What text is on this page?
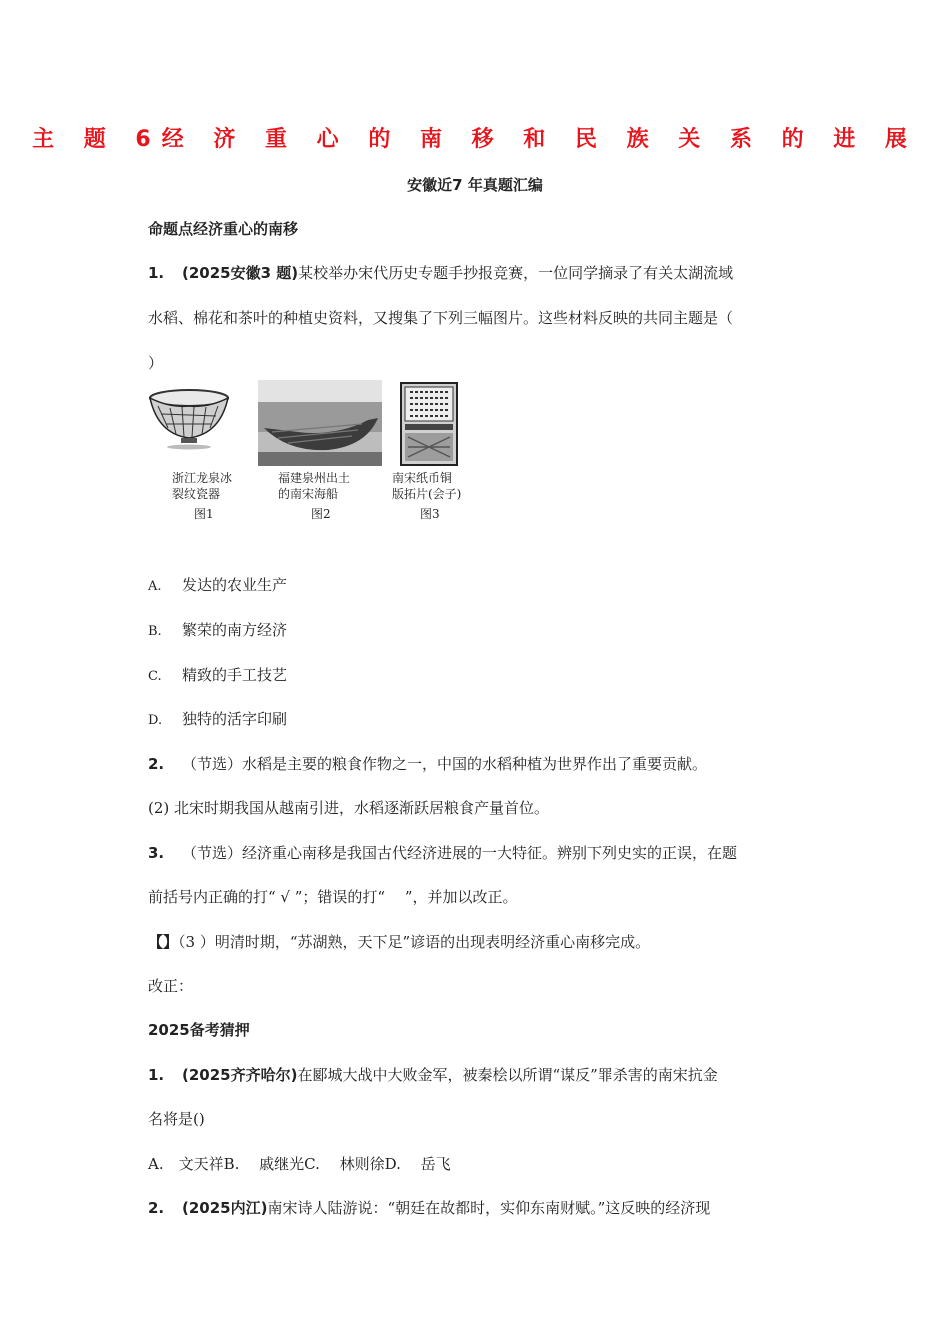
主 题 6经 济 重 心 的 南 移 和 民 族 关 系 的 进 展
安徽近7 年真题汇编
命题点经济重心的南移
1. (2025安徽3 题)某校举办宋代历史专题手抄报竞赛，一位同学摘录了有关太湖流域
水稻、棉花和茶叶的种植史资料，又搜集了下列三幅图片。这些材料反映的共同主题是（
）
浙江龙泉冰
裂纹瓷器
福建泉州出土
的南宋海船
南宋纸币铜
版拓片(会子)
图1	图2	图3
A. 发达的农业生产
B. 繁荣的南方经济
C. 精致的手工技艺
D. 独特的活字印刷
2. （节选）水稻是主要的粮食作物之一，中国的水稻种植为世界作出了重要贡献。
(2) 北宋时期我国从越南引进，水稻逐渐跃居粮食产量首位。
3. （节选）经济重心南移是我国古代经济进展的一大特征。辨别下列史实的正误，在题
前括号内正确的打“ √ ”；错误的打“　 ”，并加以改正。
【】（3 ）明清时期，“苏湖熟，天下足”谚语的出现表明经济重心南移完成。
改正：
2025备考猜押
1. (2025齐齐哈尔)在郾城大战中大败金军，被秦桧以所谓“谋反”罪杀害的南宋抗金
名将是()
A.　文天祥B.　 戚继光C.　 林则徐D.　 岳飞
2. (2025内江)南宋诗人陆游说：“朝廷在故都时，实仰东南财赋。”这反映的经济现
